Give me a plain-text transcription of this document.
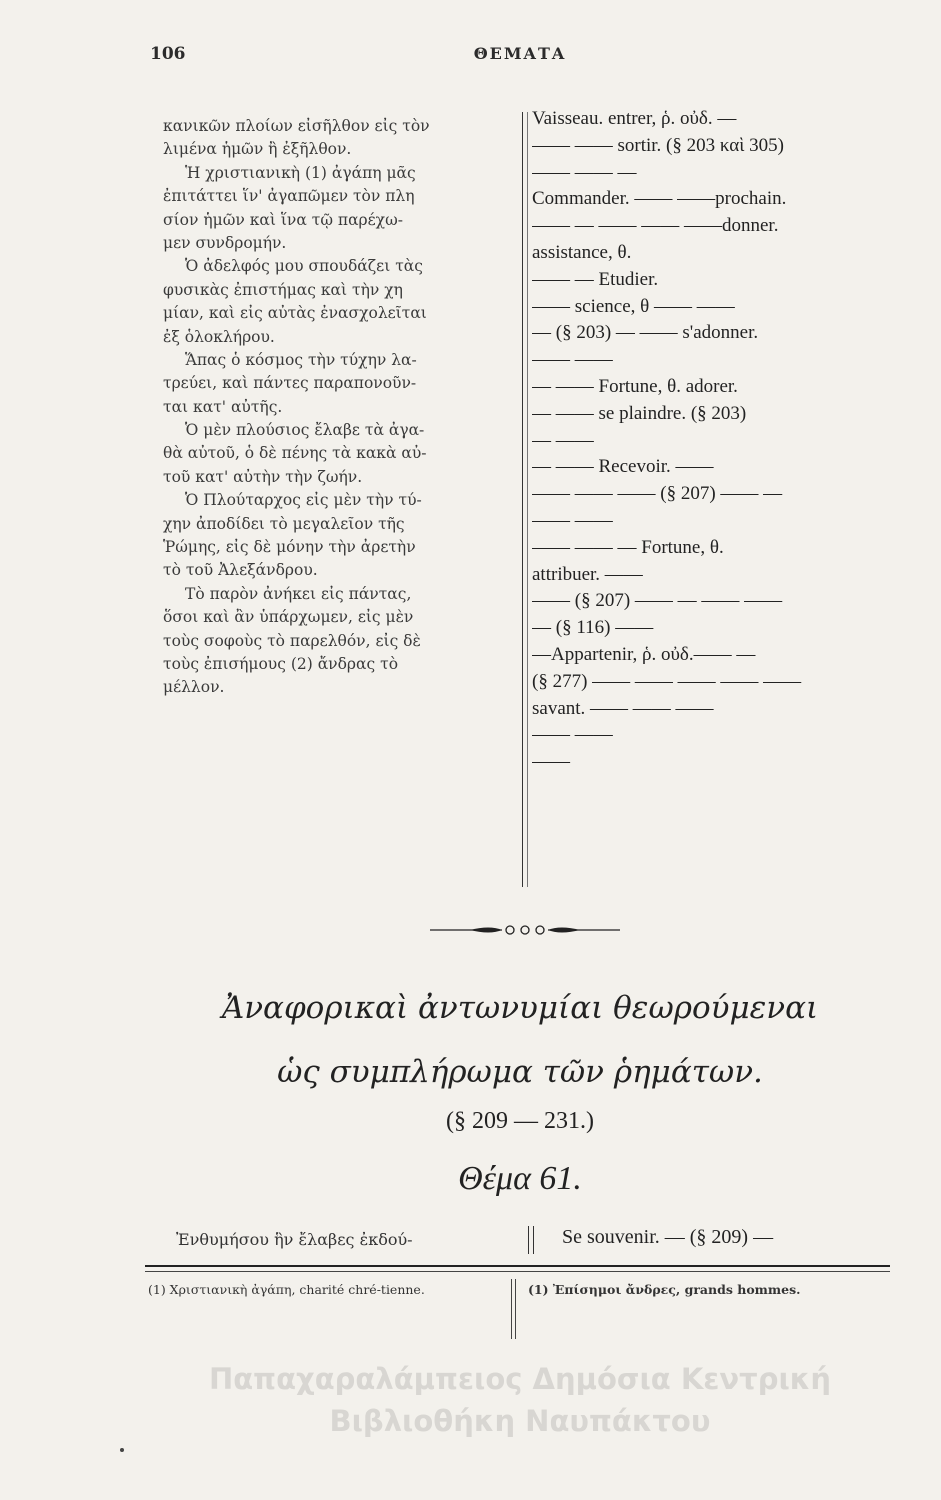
106	ΘΕΜΑΤΑ
κανικῶν πλοίων εἰσῆλθον εἰς τὸν
λιμένα ἡμῶν ἢ ἐξῆλθον.
Ἡ χριστιανικὴ (1) ἀγάπη μᾶς
ἐπιτάττει ἵν' ἀγαπῶμεν τὸν πλη
σίον ἡμῶν καὶ ἵνα τῷ παρέχω-
μεν συνδρομήν.
Ὁ ἀδελφός μου σπουδάζει τὰς
φυσικὰς ἐπιστήμας καὶ τὴν χη
μίαν, καὶ εἰς αὐτὰς ἐνασχολεῖται
ἐξ ὁλοκλήρου.
Ἅπας ὁ κόσμος τὴν τύχην λα-
τρεύει, καὶ πάντες παραπονοῦν-
ται κατ' αὐτῆς.
Ὁ μὲν πλούσιος ἔλαβε τὰ ἀγα-
θὰ αὐτοῦ, ὁ δὲ πένης τὰ κακὰ αὐ-
τοῦ κατ' αὐτὴν τὴν ζωήν.
Ὁ Πλούταρχος εἰς μὲν τὴν τύ-
χην ἀποδίδει τὸ μεγαλεῖον τῆς
Ῥώμης, εἰς δὲ μόνην τὴν ἀρετὴν
τὸ τοῦ Ἀλεξάνδρου.
Τὸ παρὸν ἀνήκει εἰς πάντας,
ὅσοι καὶ ἂν ὑπάρχωμεν, εἰς μὲν
τοὺς σοφοὺς τὸ παρελθόν, εἰς δὲ
τοὺς ἐπισήμους (2) ἄνδρας τὸ
μέλλον.
Vaisseau. entrer, ῥ. οὐδ. —
—— —— sortir. (§ 203 καὶ 305)
—— —— —
Commander. —— ——prochain.
—— — —— —— ——donner.
assistance, θ.
—— — Etudier.
—— science, θ —— ——
— (§ 203) — —— s'adonner.
—— ——
— —— Fortune, θ. adorer.
— —— se plaindre. (§ 203)
— ——
— —— Recevoir. ——
—— —— —— (§ 207) —— —
—— ——
—— —— — Fortune, θ.
attribuer. ——
—— (§ 207) —— — —— ——
— (§ 116) ——
—Appartenir, ῥ. οὐδ.—— —
(§ 277) —— —— —— —— ——
savant. —— —— ——
—— ——
——
Ἀναφορικαὶ ἀντωνυμίαι θεωρούμεναι
ὡς συμπλήρωμα τῶν ῥημάτων.
(§ 209 — 231.)
Θέμα 61.
Ἐνθυμήσου ἣν ἔλαβες ἐκδού-	Se souvenir. — (§ 209) —
(1) Χριστιανικὴ ἀγάπη, charité chré-tienne.	(1) Ἐπίσημοι ἄνδρες, grands hommes.
Παπαχαραλάμπειος Δημόσια Κεντρική
Βιβλιοθήκη Ναυπάκτου
